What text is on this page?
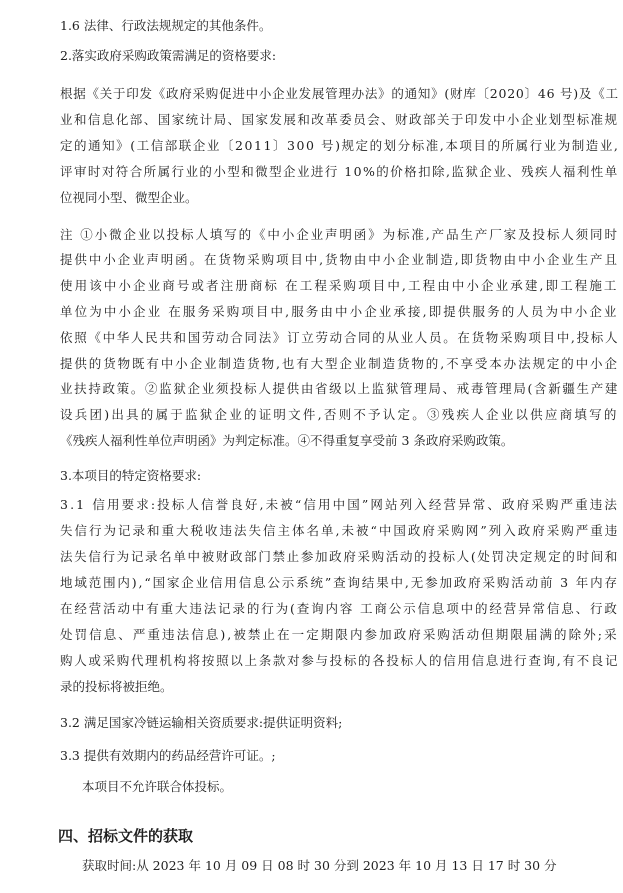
1.6 法律、行政法规规定的其他条件。
2.落实政府采购政策需满足的资格要求:
根据《关于印发《政府采购促进中小企业发展管理办法》的通知》(财库〔2020〕46 号)及《工
业和信息化部、国家统计局、国家发展和改革委员会、财政部关于印发中小企业划型标准规
定的通知》(工信部联企业〔2011〕300 号)规定的划分标准,本项目的所属行业为制造业,
评审时对符合所属行业的小型和微型企业进行 10%的价格扣除,监狱企业、残疾人福利性单
位视同小型、微型企业。
注 ①小微企业以投标人填写的《中小企业声明函》为标准,产品生产厂家及投标人须同时
提供中小企业声明函。在货物采购项目中,货物由中小企业制造,即货物由中小企业生产且
使用该中小企业商号或者注册商标 在工程采购项目中,工程由中小企业承建,即工程施工
单位为中小企业 在服务采购项目中,服务由中小企业承接,即提供服务的人员为中小企业
依照《中华人民共和国劳动合同法》订立劳动合同的从业人员。在货物采购项目中,投标人
提供的货物既有中小企业制造货物,也有大型企业制造货物的,不享受本办法规定的中小企
业扶持政策。②监狱企业须投标人提供由省级以上监狱管理局、戒毒管理局(含新疆生产建
设兵团)出具的属于监狱企业的证明文件,否则不予认定。③残疾人企业以供应商填写的
《残疾人福利性单位声明函》为判定标准。④不得重复享受前 3 条政府采购政策。
3.本项目的特定资格要求:
3.1 信用要求:投标人信誉良好,未被“信用中国”网站列入经营异常、政府采购严重违法
失信行为记录和重大税收违法失信主体名单,未被“中国政府采购网”列入政府采购严重违
法失信行为记录名单中被财政部门禁止参加政府采购活动的投标人(处罚决定规定的时间和
地域范围内),“国家企业信用信息公示系统”查询结果中,无参加政府采购活动前 3 年内存
在经营活动中有重大违法记录的行为(查询内容 工商公示信息项中的经营异常信息、行政
处罚信息、严重违法信息),被禁止在一定期限内参加政府采购活动但期限届满的除外;采
购人或采购代理机构将按照以上条款对参与投标的各投标人的信用信息进行查询,有不良记
录的投标将被拒绝。
3.2 满足国家冷链运输相关资质要求:提供证明资料;
3.3 提供有效期内的药品经营许可证。;
本项目不允许联合体投标。
四、招标文件的获取
获取时间:从 2023 年 10 月 09 日 08 时 30 分到 2023 年 10 月 13 日 17 时 30 分
